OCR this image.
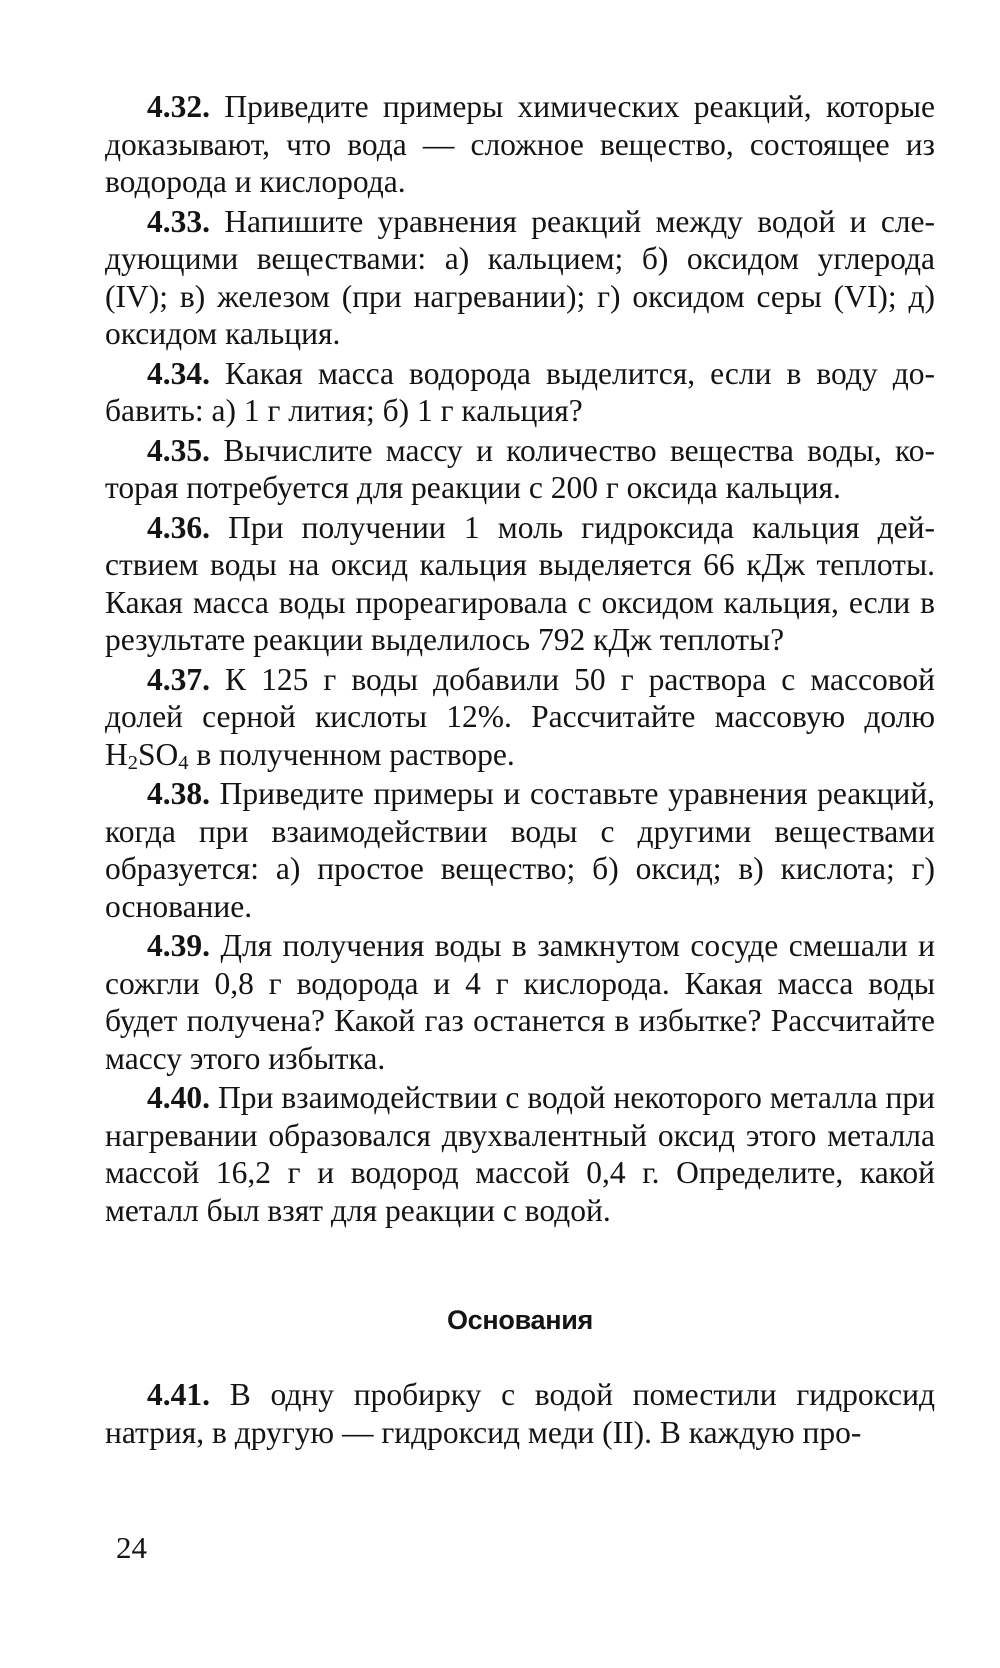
4.32. Приведите примеры химических реакций, которые доказывают, что вода — сложное вещество, состоящее из водорода и кислорода.

4.33. Напишите уравнения реакций между водой и следующими веществами: а) кальцием; б) оксидом углерода (IV); в) железом (при нагревании); г) оксидом серы (VI); д) оксидом кальция.

4.34. Какая масса водорода выделится, если в воду добавить: а) 1 г лития; б) 1 г кальция?

4.35. Вычислите массу и количество вещества воды, которая потребуется для реакции с 200 г оксида кальция.

4.36. При получении 1 моль гидроксида кальция действием воды на оксид кальция выделяется 66 кДж теплоты. Какая масса воды прореагировала с оксидом кальция, если в результате реакции выделилось 792 кДж теплоты?

4.37. К 125 г воды добавили 50 г раствора с массовой долей серной кислоты 12%. Рассчитайте массовую долю $H_2SO_4$ в полученном растворе.

4.38. Приведите примеры и составьте уравнения реакций, когда при взаимодействии воды с другими веществами образуется: а) простое вещество; б) оксид; в) кислота; г) основание.

4.39. Для получения воды в замкнутом сосуде смешали и сожгли 0,8 г водорода и 4 г кислорода. Какая масса воды будет получена? Какой газ останется в избытке? Рассчитайте массу этого избытка.

4.40. При взаимодействии с водой некоторого металла при нагревании образовался двухвалентный оксид этого металла массой 16,2 г и водород массой 0,4 г. Определите, какой металл был взят для реакции с водой.

Основания

4.41. В одну пробирку с водой поместили гидроксид натрия, в другую — гидроксид меди (II). В каждую про-

24
